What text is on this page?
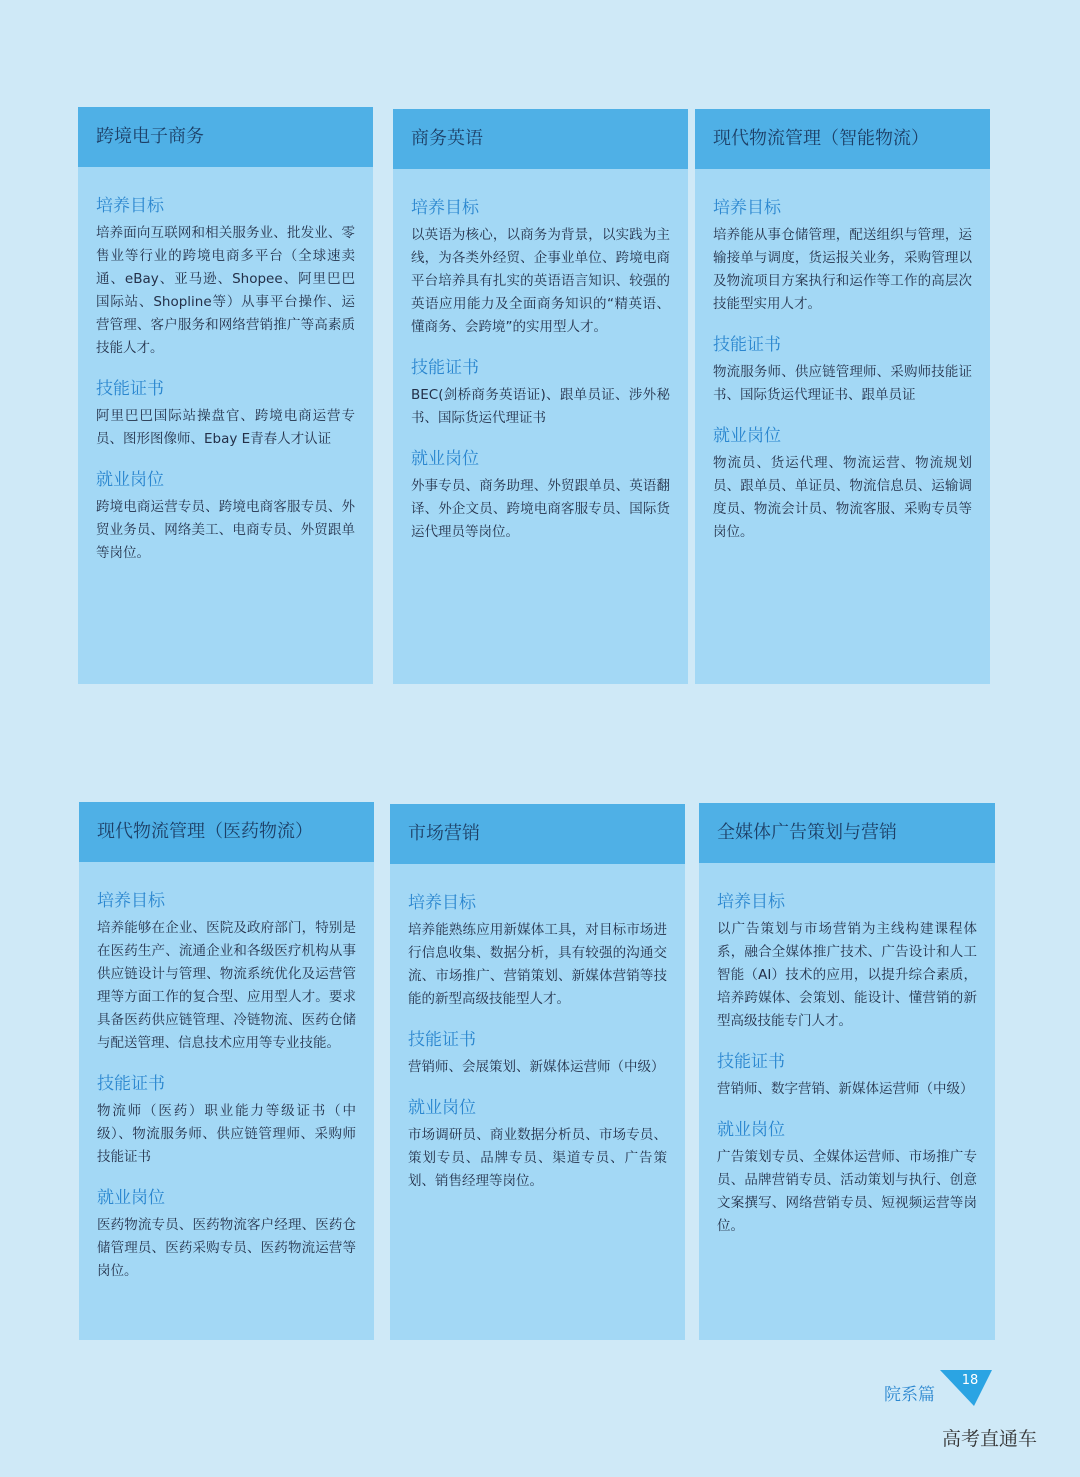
跨境电子商务
培养目标

培养面向互联网和相关服务业、批发业、零售业等行业的跨境电商多平台（全球速卖通、eBay、亚马逊、Shopee、阿里巴巴国际站、Shopline等）从事平台操作、运营管理、客户服务和网络营销推广等高素质技能人才。

技能证书

阿里巴巴国际站操盘官、跨境电商运营专员、图形图像师、Ebay E青春人才认证

就业岗位

跨境电商运营专员、跨境电商客服专员、外贸业务员、网络美工、电商专员、外贸跟单等岗位。

商务英语
培养目标

以英语为核心，以商务为背景，以实践为主线，为各类外经贸、企事业单位、跨境电商平台培养具有扎实的英语语言知识、较强的英语应用能力及全面商务知识的“精英语、懂商务、会跨境”的实用型人才。

技能证书

BEC(剑桥商务英语证)、跟单员证、涉外秘书、国际货运代理证书

就业岗位

外事专员、商务助理、外贸跟单员、英语翻译、外企文员、跨境电商客服专员、国际货运代理员等岗位。

现代物流管理（智能物流）
培养目标

培养能从事仓储管理，配送组织与管理，运输接单与调度，货运报关业务，采购管理以及物流项目方案执行和运作等工作的高层次技能型实用人才。

技能证书

物流服务师、供应链管理师、采购师技能证书、国际货运代理证书、跟单员证

就业岗位

物流员、货运代理、物流运营、物流规划员、跟单员、单证员、物流信息员、运输调度员、物流会计员、物流客服、采购专员等岗位。

现代物流管理（医药物流）
培养目标

培养能够在企业、医院及政府部门，特别是在医药生产、流通企业和各级医疗机构从事供应链设计与管理、物流系统优化及运营管理等方面工作的复合型、应用型人才。要求具备医药供应链管理、冷链物流、医药仓储与配送管理、信息技术应用等专业技能。

技能证书

物流师（医药）职业能力等级证书（中级）、物流服务师、供应链管理师、采购师技能证书

就业岗位

医药物流专员、医药物流客户经理、医药仓储管理员、医药采购专员、医药物流运营等岗位。

市场营销
培养目标

培养能熟练应用新媒体工具，对目标市场进行信息收集、数据分析，具有较强的沟通交流、市场推广、营销策划、新媒体营销等技能的新型高级技能型人才。

技能证书

营销师、会展策划、新媒体运营师（中级）

就业岗位

市场调研员、商业数据分析员、市场专员、策划专员、品牌专员、渠道专员、广告策划、销售经理等岗位。

全媒体广告策划与营销
培养目标

以广告策划与市场营销为主线构建课程体系，融合全媒体推广技术、广告设计和人工智能（AI）技术的应用，以提升综合素质，培养跨媒体、会策划、能设计、懂营销的新型高级技能专门人才。

技能证书

营销师、数字营销、新媒体运营师（中级）

就业岗位

广告策划专员、全媒体运营师、市场推广专员、品牌营销专员、活动策划与执行、创意文案撰写、网络营销专员、短视频运营等岗位。

院系篇
18
高考直通车
